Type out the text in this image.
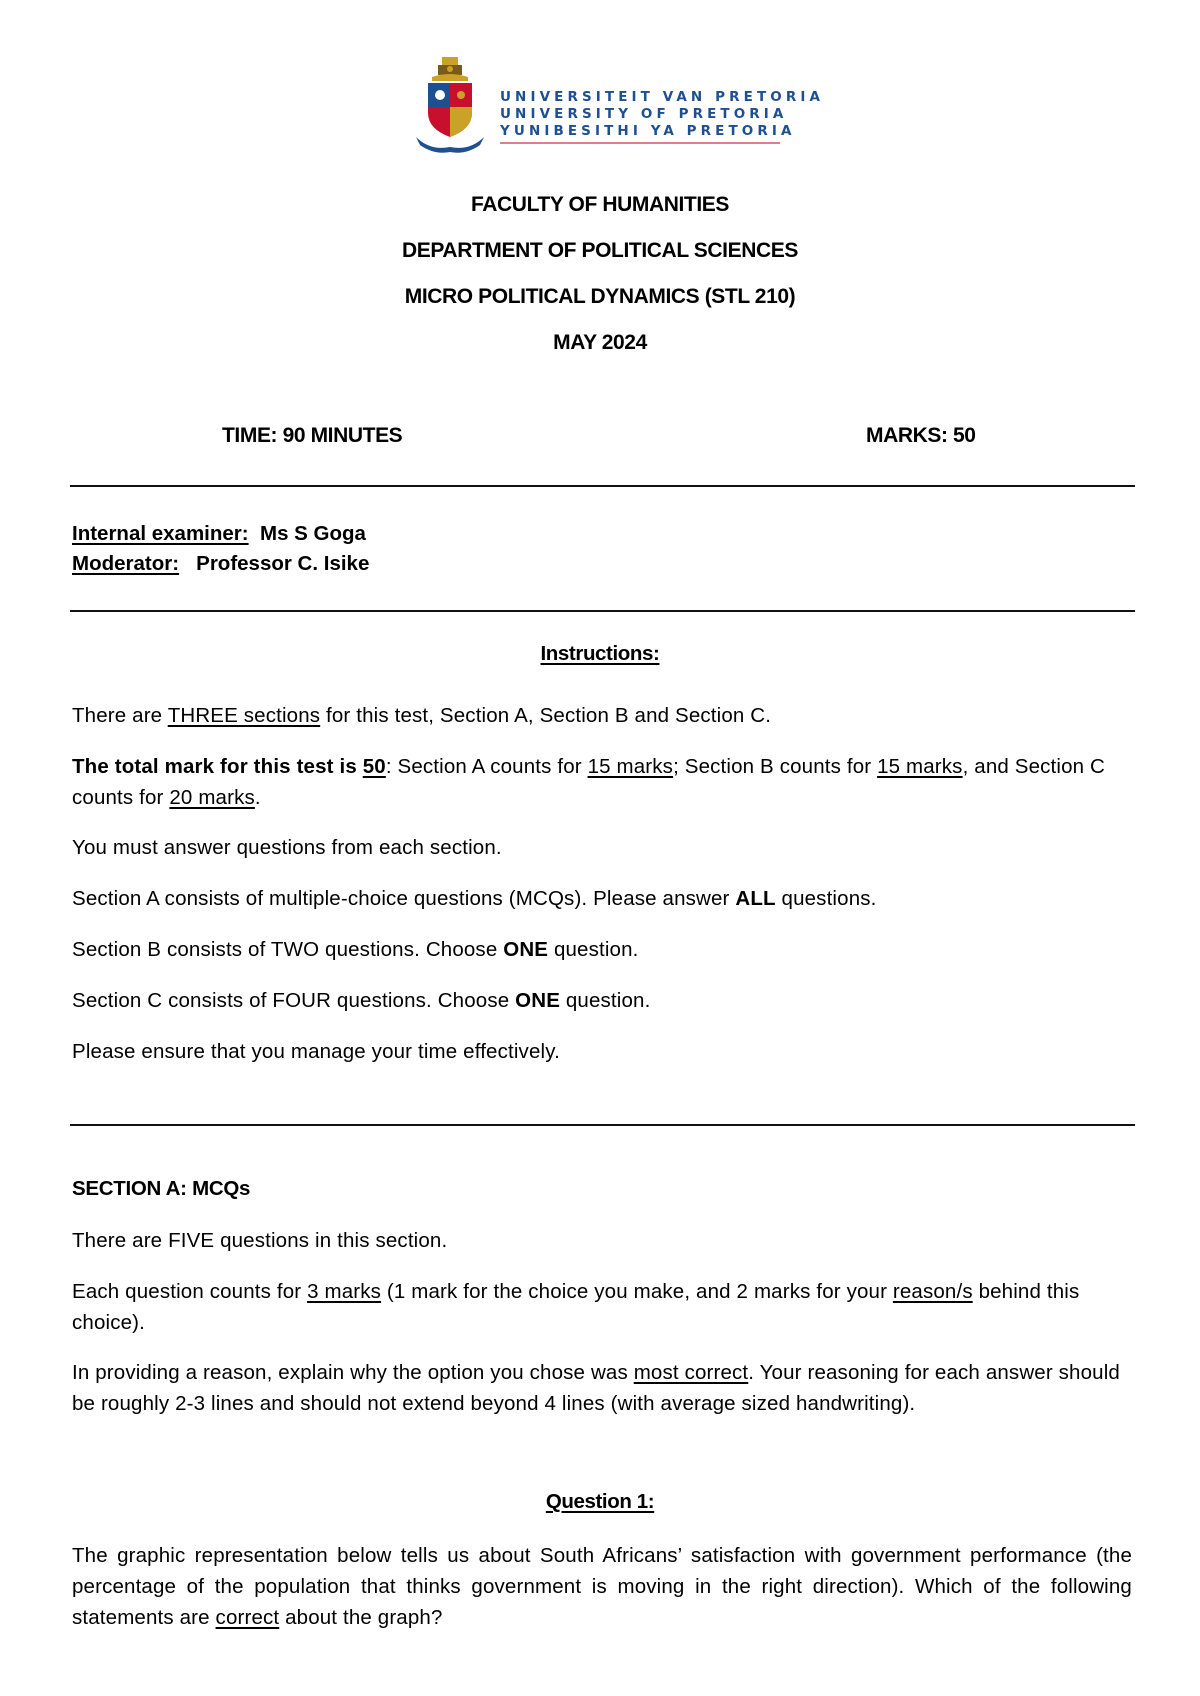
UNIVERSITEIT VAN PRETORIA
UNIVERSITY OF PRETORIA
YUNIBESITHI YA PRETORIA
FACULTY OF HUMANITIES
DEPARTMENT OF POLITICAL SCIENCES
MICRO POLITICAL DYNAMICS (STL 210)
MAY 2024
TIME: 90 MINUTES	MARKS: 50
Internal examiner: Ms S Goga
Moderator: Professor C. Isike
Instructions:
There are THREE sections for this test, Section A, Section B and Section C.
The total mark for this test is 50: Section A counts for 15 marks; Section B counts for 15 marks, and Section C counts for 20 marks.
You must answer questions from each section.
Section A consists of multiple-choice questions (MCQs). Please answer ALL questions.
Section B consists of TWO questions. Choose ONE question.
Section C consists of FOUR questions. Choose ONE question.
Please ensure that you manage your time effectively.
SECTION A: MCQs
There are FIVE questions in this section.
Each question counts for 3 marks (1 mark for the choice you make, and 2 marks for your reason/s behind this choice).
In providing a reason, explain why the option you chose was most correct. Your reasoning for each answer should be roughly 2-3 lines and should not extend beyond 4 lines (with average sized handwriting).
Question 1:
The graphic representation below tells us about South Africans’ satisfaction with government performance (the percentage of the population that thinks government is moving in the right direction). Which of the following statements are correct about the graph?
